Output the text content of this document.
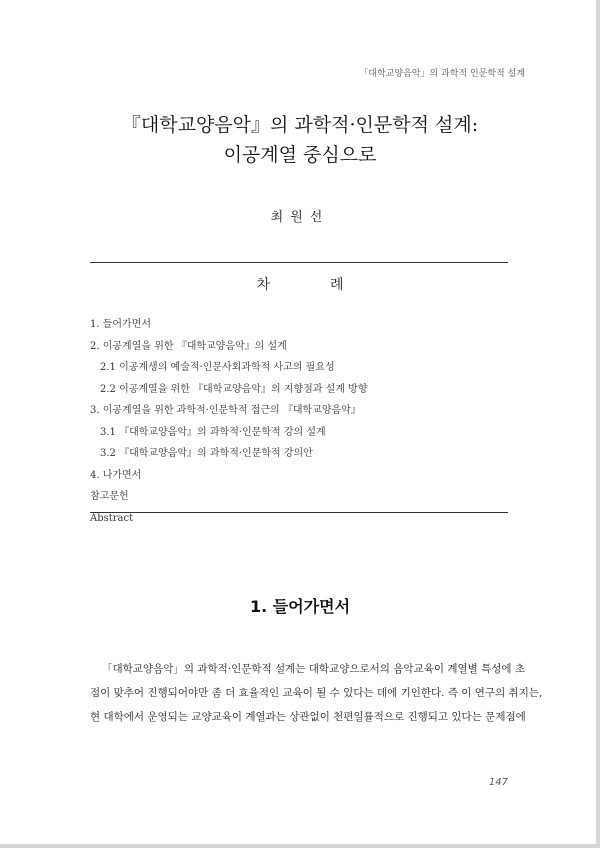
「대학교양음악」의 과학적 인문학적 설계
『대학교양음악』의 과학적·인문학적 설계:
이공계열 중심으로
최원선
차	례
1. 들어가면서
2. 이공계열을 위한 『대학교양음악』의 설계
2.1 이공계생의 예술적·인문사회과학적 사고의 필요성
2.2 이공계열을 위한 『대학교양음악』의 지향점과 설계 방향
3. 이공계열을 위한 과학적·인문학적 접근의 『대학교양음악』
3.1 『대학교양음악』의 과학적·인문학적 강의 설계
3.2 『대학교양음악』의 과학적·인문학적 강의안
4. 나가면서
참고문헌
Abstract
1. 들어가면서
「대학교양음악」의 과학적·인문학적 설계는 대학교양으로서의 음악교육이 계열별 특성에 초
점이 맞추어 진행되어야만 좀 더 효율적인 교육이 될 수 있다는 데에 기인한다. 즉 이 연구의 취지는,
현 대학에서 운영되는 교양교육이 계열과는 상관없이 천편일률적으로 진행되고 있다는 문제점에
147
